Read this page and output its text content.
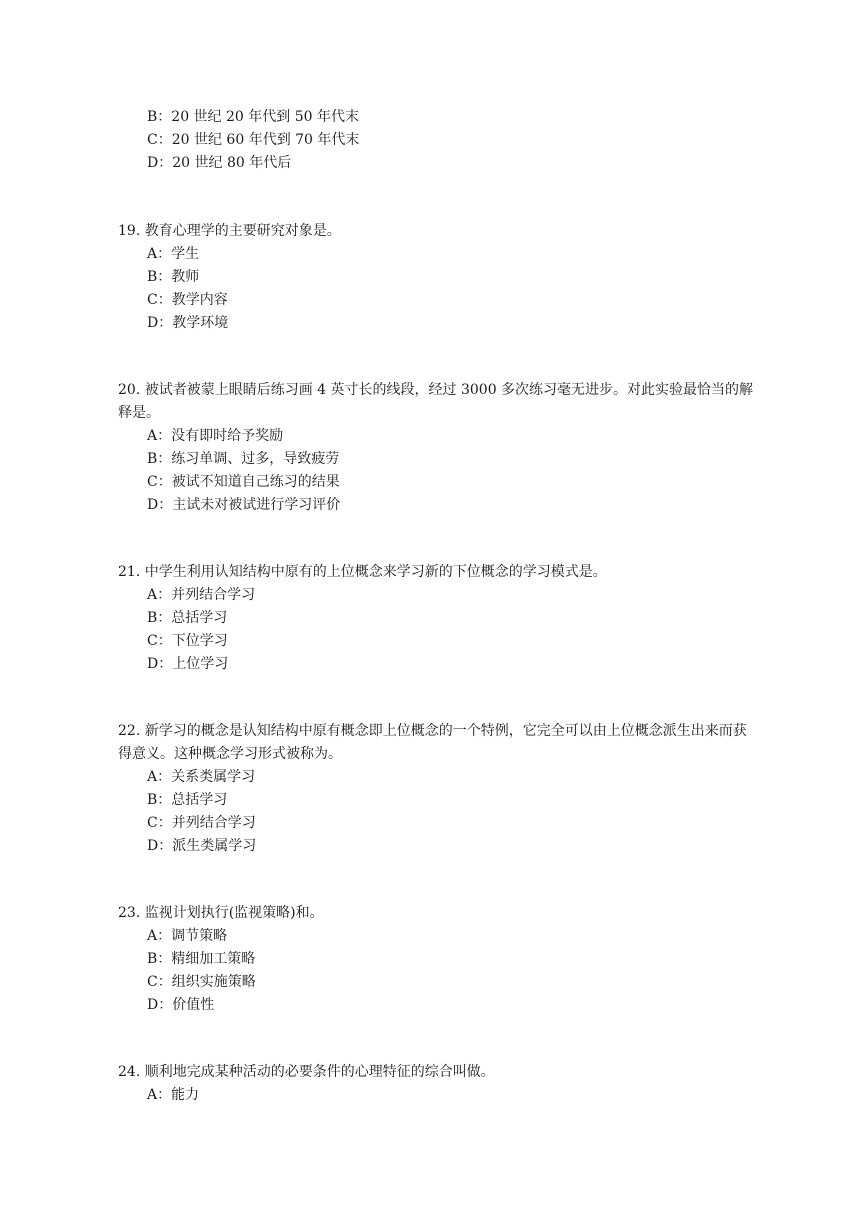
B：20 世纪 20 年代到 50 年代末
C：20 世纪 60 年代到 70 年代末
D：20 世纪 80 年代后

19. 教育心理学的主要研究对象是。

A：学生
B：教师
C：教学内容
D：教学环境

20. 被试者被蒙上眼睛后练习画 4 英寸长的线段，经过 3000 多次练习毫无进步。对此实验最恰当的解释是。

A：没有即时给予奖励
B：练习单调、过多，导致疲劳
C：被试不知道自己练习的结果
D：主试未对被试进行学习评价

21. 中学生利用认知结构中原有的上位概念来学习新的下位概念的学习模式是。

A：并列结合学习
B：总括学习
C：下位学习
D：上位学习

22. 新学习的概念是认知结构中原有概念即上位概念的一个特例，它完全可以由上位概念派生出来而获得意义。这种概念学习形式被称为。

A：关系类属学习
B：总括学习
C：并列结合学习
D：派生类属学习

23. 监视计划执行(监视策略)和。

A：调节策略
B：精细加工策略
C：组织实施策略
D：价值性

24. 顺利地完成某种活动的必要条件的心理特征的综合叫做。

A：能力
